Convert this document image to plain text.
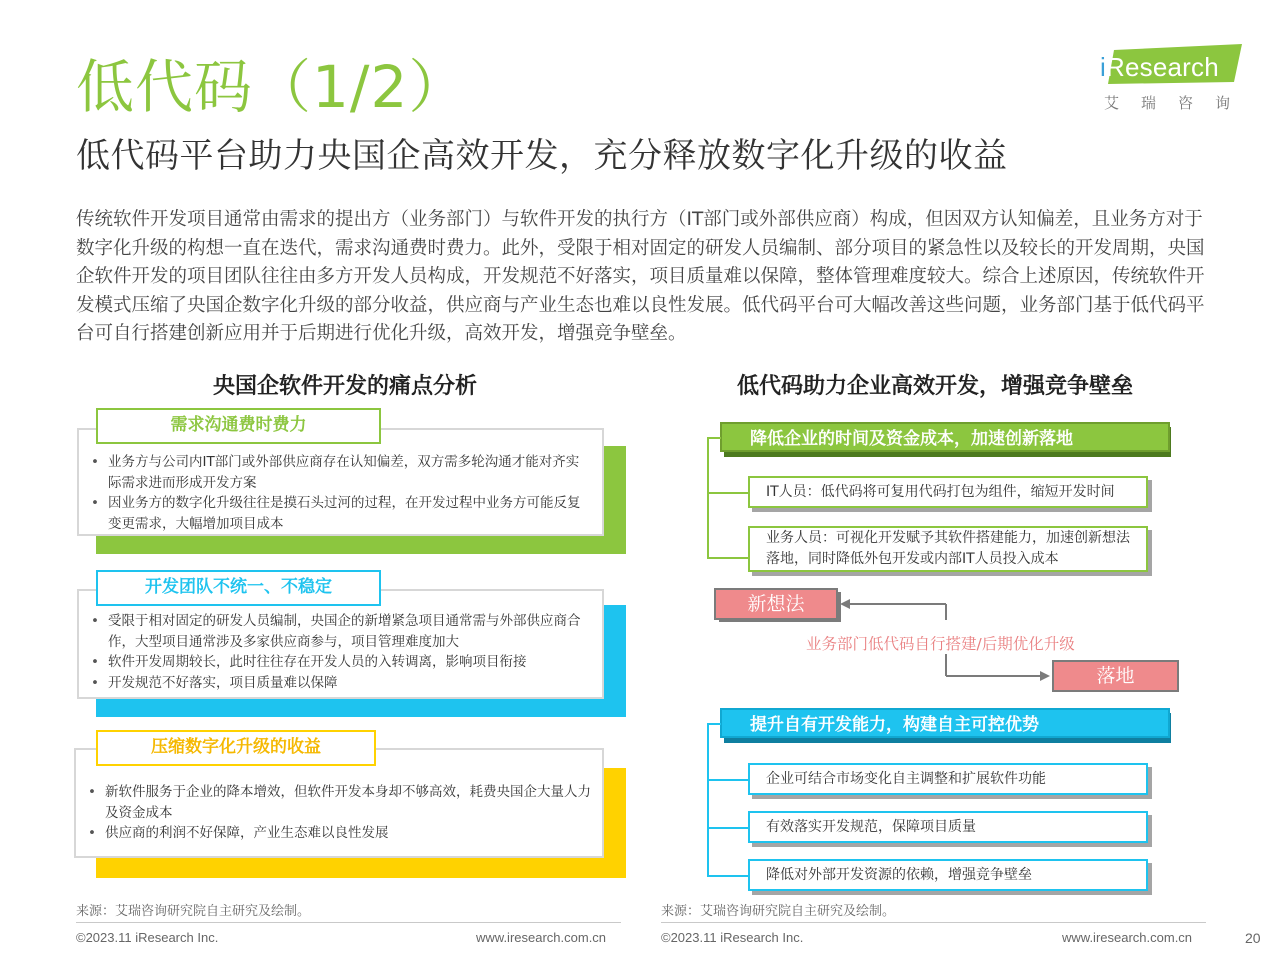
低代码（1/2）
低代码平台助力央国企高效开发，充分释放数字化升级的收益
iResearch
艾瑞咨询
传统软件开发项目通常由需求的提出方（业务部门）与软件开发的执行方（IT部门或外部供应商）构成，但因双方认知偏差，且业务方对于数字化升级的构想一直在迭代，需求沟通费时费力。此外，受限于相对固定的研发人员编制、部分项目的紧急性以及较长的开发周期，央国企软件开发的项目团队往往由多方开发人员构成，开发规范不好落实，项目质量难以保障，整体管理难度较大。综合上述原因，传统软件开发模式压缩了央国企数字化升级的部分收益，供应商与产业生态也难以良性发展。低代码平台可大幅改善这些问题，业务部门基于低代码平台可自行搭建创新应用并于后期进行优化升级，高效开发，增强竞争壁垒。
央国企软件开发的痛点分析
• 业务方与公司内IT部门或外部供应商存在认知偏差，双方需多轮沟通才能对齐实际需求进而形成开发方案
• 因业务方的数字化升级往往是摸石头过河的过程，在开发过程中业务方可能反复变更需求，大幅增加项目成本
需求沟通费时费力
• 受限于相对固定的研发人员编制，央国企的新增紧急项目通常需与外部供应商合作，大型项目通常涉及多家供应商参与，项目管理难度加大
• 软件开发周期较长，此时往往存在开发人员的入转调离，影响项目衔接
• 开发规范不好落实，项目质量难以保障
开发团队不统一、不稳定
• 新软件服务于企业的降本增效，但软件开发本身却不够高效，耗费央国企大量人力及资金成本
• 供应商的利润不好保障，产业生态难以良性发展
压缩数字化升级的收益
来源：艾瑞咨询研究院自主研究及绘制。
©2023.11 iResearch Inc.	www.iresearch.com.cn
低代码助力企业高效开发，增强竞争壁垒
降低企业的时间及资金成本，加速创新落地
IT人员：低代码将可复用代码打包为组件，缩短开发时间
业务人员：可视化开发赋予其软件搭建能力，加速创新想法落地，同时降低外包开发或内部IT人员投入成本
新想法
业务部门低代码自行搭建/后期优化升级
落地
提升自有开发能力，构建自主可控优势
企业可结合市场变化自主调整和扩展软件功能
有效落实开发规范，保障项目质量
降低对外部开发资源的依赖，增强竞争壁垒
来源：艾瑞咨询研究院自主研究及绘制。
©2023.11 iResearch Inc.	www.iresearch.com.cn	20
